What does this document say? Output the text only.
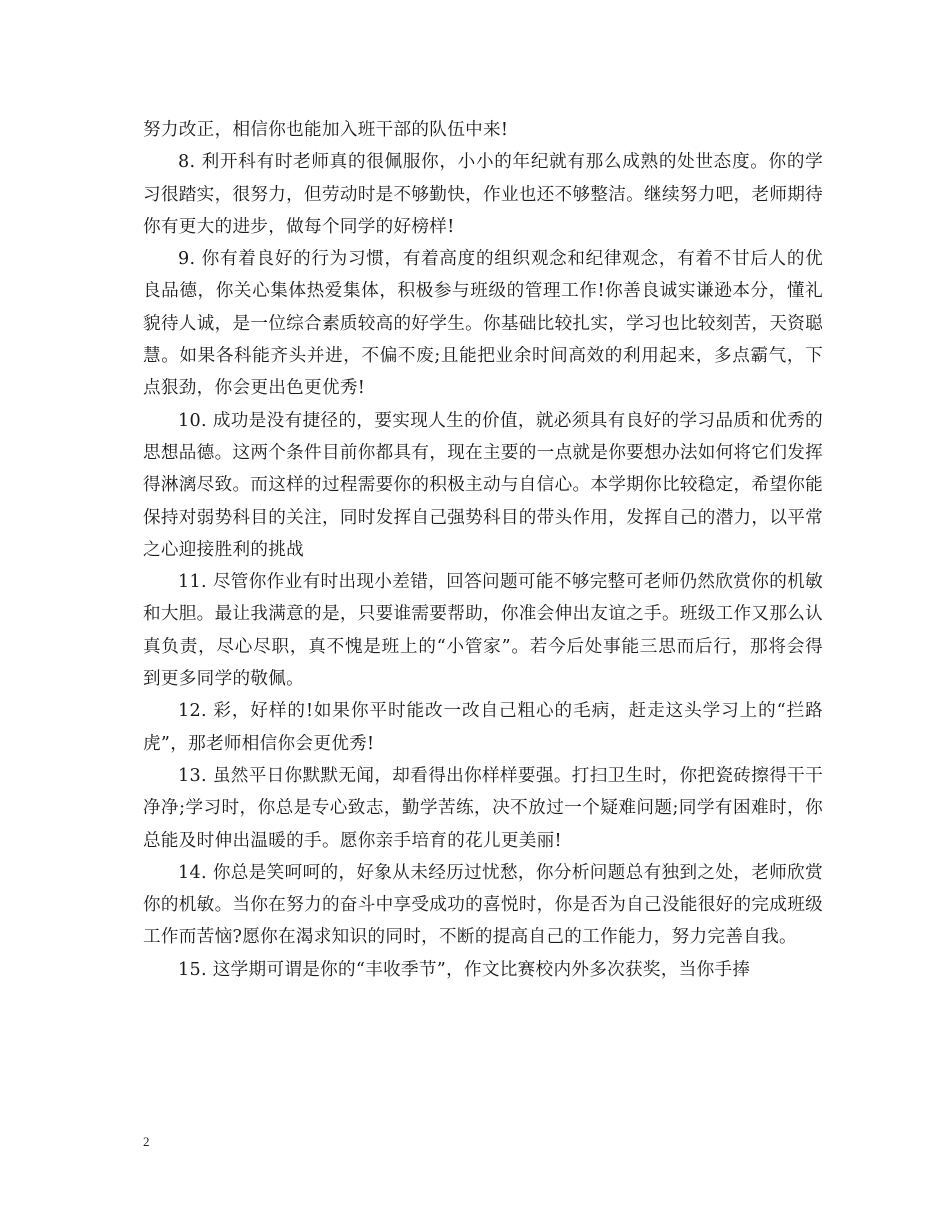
努力改正，相信你也能加入班干部的队伍中来!

8. 利开科有时老师真的很佩服你，小小的年纪就有那么成熟的处世态度。你的学习很踏实，很努力，但劳动时是不够勤快，作业也还不够整洁。继续努力吧，老师期待你有更大的进步，做每个同学的好榜样!

9. 你有着良好的行为习惯，有着高度的组织观念和纪律观念，有着不甘后人的优良品德，你关心集体热爱集体，积极参与班级的管理工作!你善良诚实谦逊本分，懂礼貌待人诚，是一位综合素质较高的好学生。你基础比较扎实，学习也比较刻苦，天资聪慧。如果各科能齐头并进，不偏不废;且能把业余时间高效的利用起来，多点霸气，下点狠劲，你会更出色更优秀!

10. 成功是没有捷径的，要实现人生的价值，就必须具有良好的学习品质和优秀的思想品德。这两个条件目前你都具有，现在主要的一点就是你要想办法如何将它们发挥得淋漓尽致。而这样的过程需要你的积极主动与自信心。本学期你比较稳定，希望你能保持对弱势科目的关注，同时发挥自己强势科目的带头作用，发挥自己的潜力，以平常之心迎接胜利的挑战

11. 尽管你作业有时出现小差错，回答问题可能不够完整可老师仍然欣赏你的机敏和大胆。最让我满意的是，只要谁需要帮助，你准会伸出友谊之手。班级工作又那么认真负责，尽心尽职，真不愧是班上的“小管家”。若今后处事能三思而后行，那将会得到更多同学的敬佩。

12. 彩，好样的!如果你平时能改一改自己粗心的毛病，赶走这头学习上的“拦路虎”，那老师相信你会更优秀!

13. 虽然平日你默默无闻，却看得出你样样要强。打扫卫生时，你把瓷砖擦得干干净净;学习时，你总是专心致志，勤学苦练，决不放过一个疑难问题;同学有困难时，你总能及时伸出温暖的手。愿你亲手培育的花儿更美丽!

14. 你总是笑呵呵的，好象从未经历过忧愁，你分析问题总有独到之处，老师欣赏你的机敏。当你在努力的奋斗中享受成功的喜悦时，你是否为自己没能很好的完成班级工作而苦恼?愿你在渴求知识的同时，不断的提高自己的工作能力，努力完善自我。

15. 这学期可谓是你的“丰收季节”，作文比赛校内外多次获奖，当你手捧

2
